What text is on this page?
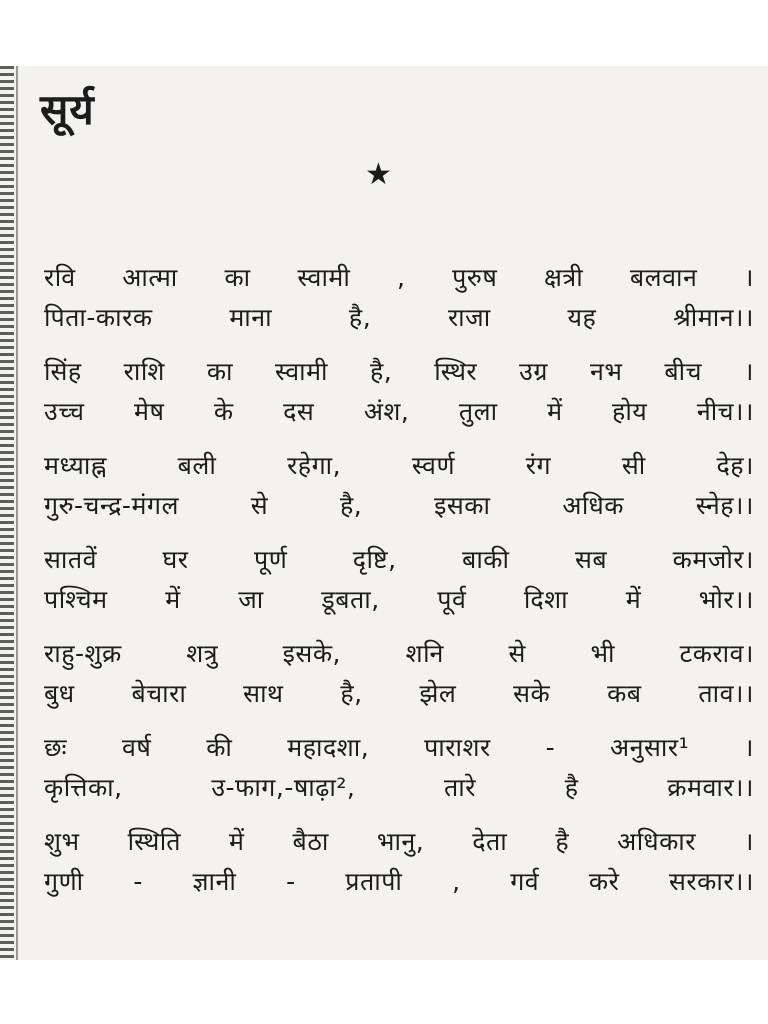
सूर्य
★
रवि आत्मा का स्वामी , पुरुष क्षत्री बलवान ।
पिता-कारक माना है, राजा यह श्रीमान।।
सिंह राशि का स्वामी है, स्थिर उग्र नभ बीच ।
उच्च मेष के दस अंश, तुला में होय नीच।।
मध्याह्न बली रहेगा, स्वर्ण रंग सी देह।
गुरु-चन्द्र-मंगल से है, इसका अधिक स्नेह।।
सातवें घर पूर्ण दृष्टि, बाकी सब कमजोर।
पश्चिम में जा डूबता, पूर्व दिशा में भोर।।
राहु-शुक्र शत्रु इसके, शनि से भी टकराव।
बुध बेचारा साथ है, झेल सके कब ताव।।
छः वर्ष की महादशा, पाराशर - अनुसार¹ ।
कृत्तिका, उ-फाग,-षाढ़ा², तारे है क्रमवार।।
शुभ स्थिति में बैठा भानु, देता है अधिकार ।
गुणी - ज्ञानी - प्रतापी , गर्व करे सरकार।।
